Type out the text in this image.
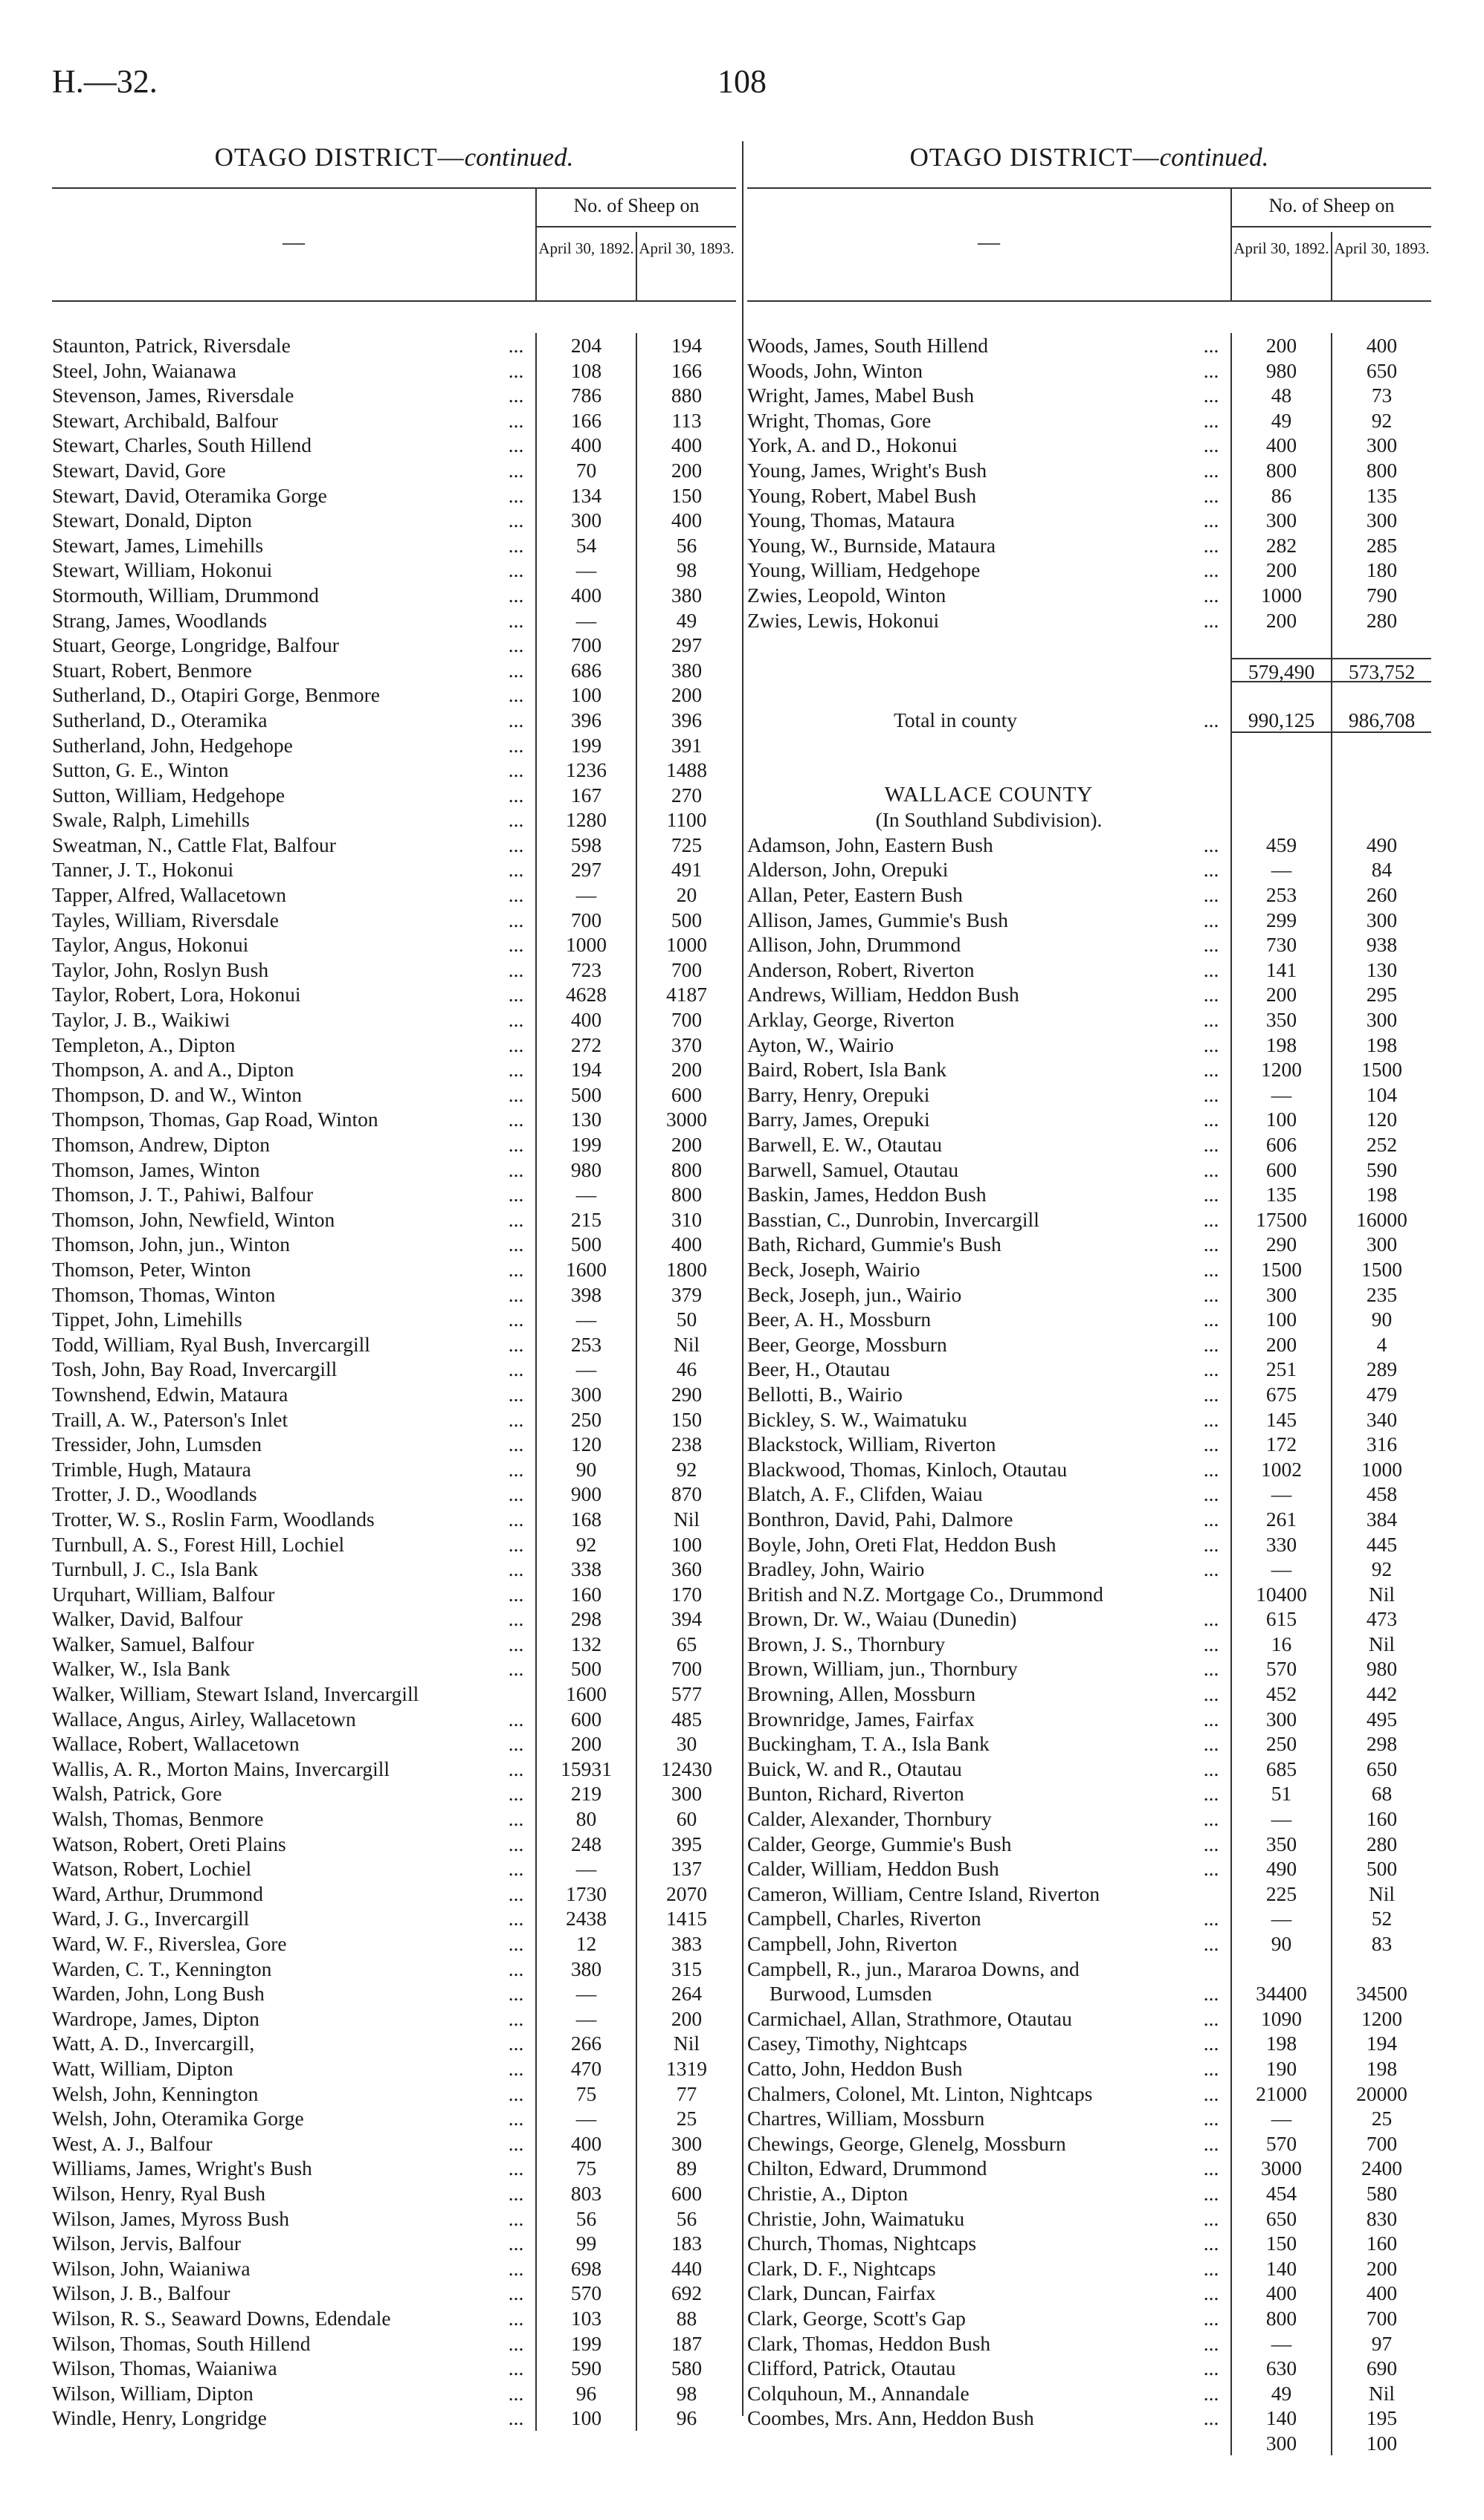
H.—32.	108
OTAGO DISTRICT—continued.
—
No. of Sheep on
April 30, 1892. April 30, 1893.
Staunton, Patrick, Riversdale	...	204	194
Steel, John, Waianawa	...	108	166
Stevenson, James, Riversdale	...	786	880
Stewart, Archibald, Balfour	...	166	113
Stewart, Charles, South Hillend	...	400	400
Stewart, David, Gore	...	70	200
Stewart, David, Oteramika Gorge	...	134	150
Stewart, Donald, Dipton	...	300	400
Stewart, James, Limehills	...	54	56
Stewart, William, Hokonui	...	—	98
Stormouth, William, Drummond	...	400	380
Strang, James, Woodlands	...	—	49
Stuart, George, Longridge, Balfour	...	700	297
Stuart, Robert, Benmore	...	686	380
Sutherland, D., Otapiri Gorge, Benmore	...	100	200
Sutherland, D., Oteramika	...	396	396
Sutherland, John, Hedgehope	...	199	391
Sutton, G. E., Winton	...	1236	1488
Sutton, William, Hedgehope	...	167	270
Swale, Ralph, Limehills	...	1280	1100
Sweatman, N., Cattle Flat, Balfour	...	598	725
Tanner, J. T., Hokonui	...	297	491
Tapper, Alfred, Wallacetown	...	—	20
Tayles, William, Riversdale	...	700	500
Taylor, Angus, Hokonui	...	1000	1000
Taylor, John, Roslyn Bush	...	723	700
Taylor, Robert, Lora, Hokonui	...	4628	4187
Taylor, J. B., Waikiwi	...	400	700
Templeton, A., Dipton	...	272	370
Thompson, A. and A., Dipton	...	194	200
Thompson, D. and W., Winton	...	500	600
Thompson, Thomas, Gap Road, Winton	...	130	3000
Thomson, Andrew, Dipton	...	199	200
Thomson, James, Winton	...	980	800
Thomson, J. T., Pahiwi, Balfour	...	—	800
Thomson, John, Newfield, Winton	...	215	310
Thomson, John, jun., Winton	...	500	400
Thomson, Peter, Winton	...	1600	1800
Thomson, Thomas, Winton	...	398	379
Tippet, John, Limehills	...	—	50
Todd, William, Ryal Bush, Invercargill	...	253	Nil
Tosh, John, Bay Road, Invercargill	...	—	46
Townshend, Edwin, Mataura	...	300	290
Traill, A. W., Paterson's Inlet	...	250	150
Tressider, John, Lumsden	...	120	238
Trimble, Hugh, Mataura	...	90	92
Trotter, J. D., Woodlands	...	900	870
Trotter, W. S., Roslin Farm, Woodlands	...	168	Nil
Turnbull, A. S., Forest Hill, Lochiel	...	92	100
Turnbull, J. C., Isla Bank	...	338	360
Urquhart, William, Balfour	...	160	170
Walker, David, Balfour	...	298	394
Walker, Samuel, Balfour	...	132	65
Walker, W., Isla Bank	...	500	700
Walker, William, Stewart Island, Invercargill	1600	577
Wallace, Angus, Airley, Wallacetown	...	600	485
Wallace, Robert, Wallacetown	...	200	30
Wallis, A. R., Morton Mains, Invercargill	...	15931	12430
Walsh, Patrick, Gore	...	219	300
Walsh, Thomas, Benmore	...	80	60
Watson, Robert, Oreti Plains	...	248	395
Watson, Robert, Lochiel	...	—	137
Ward, Arthur, Drummond	...	1730	2070
Ward, J. G., Invercargill	...	2438	1415
Ward, W. F., Riverslea, Gore	...	12	383
Warden, C. T., Kennington	...	380	315
Warden, John, Long Bush	...	—	264
Wardrope, James, Dipton	...	—	200
Watt, A. D., Invercargill,	...	266	Nil
Watt, William, Dipton	...	470	1319
Welsh, John, Kennington	...	75	77
Welsh, John, Oteramika Gorge	...	—	25
West, A. J., Balfour	...	400	300
Williams, James, Wright's Bush	...	75	89
Wilson, Henry, Ryal Bush	...	803	600
Wilson, James, Myross Bush	...	56	56
Wilson, Jervis, Balfour	...	99	183
Wilson, John, Waianiwa	...	698	440
Wilson, J. B., Balfour	...	570	692
Wilson, R. S., Seaward Downs, Edendale	...	103	88
Wilson, Thomas, South Hillend	...	199	187
Wilson, Thomas, Waianiwa	...	590	580
Wilson, William, Dipton	...	96	98
Windle, Henry, Longridge	...	100	96
OTAGO DISTRICT—continued.
—
No. of Sheep on
April 30, 1892. April 30, 1893.
Woods, James, South Hillend	...	200	400
Woods, John, Winton	...	980	650
Wright, James, Mabel Bush	...	48	73
Wright, Thomas, Gore	...	49	92
York, A. and D., Hokonui	...	400	300
Young, James, Wright's Bush	...	800	800
Young, Robert, Mabel Bush	...	86	135
Young, Thomas, Mataura	...	300	300
Young, W., Burnside, Mataura	...	282	285
Young, William, Hedgehope	...	200	180
Zwies, Leopold, Winton	...	1000	790
Zwies, Lewis, Hokonui	...	200	280
579,490	573,752
Total in county	...	990,125	986,708
WALLACE COUNTY
(In Southland Subdivision).
Adamson, John, Eastern Bush	...	459	490
Alderson, John, Orepuki	...	—	84
Allan, Peter, Eastern Bush	...	253	260
Allison, James, Gummie's Bush	...	299	300
Allison, John, Drummond	...	730	938
Anderson, Robert, Riverton	...	141	130
Andrews, William, Heddon Bush	...	200	295
Arklay, George, Riverton	...	350	300
Ayton, W., Wairio	...	198	198
Baird, Robert, Isla Bank	...	1200	1500
Barry, Henry, Orepuki	...	—	104
Barry, James, Orepuki	...	100	120
Barwell, E. W., Otautau	...	606	252
Barwell, Samuel, Otautau	...	600	590
Baskin, James, Heddon Bush	...	135	198
Basstian, C., Dunrobin, Invercargill	...	17500	16000
Bath, Richard, Gummie's Bush	...	290	300
Beck, Joseph, Wairio	...	1500	1500
Beck, Joseph, jun., Wairio	...	300	235
Beer, A. H., Mossburn	...	100	90
Beer, George, Mossburn	...	200	4
Beer, H., Otautau	...	251	289
Bellotti, B., Wairio	...	675	479
Bickley, S. W., Waimatuku	...	145	340
Blackstock, William, Riverton	...	172	316
Blackwood, Thomas, Kinloch, Otautau	...	1002	1000
Blatch, A. F., Clifden, Waiau	...	—	458
Bonthron, David, Pahi, Dalmore	...	261	384
Boyle, John, Oreti Flat, Heddon Bush	...	330	445
Bradley, John, Wairio	...	—	92
British and N.Z. Mortgage Co., Drummond	10400	Nil
Brown, Dr. W., Waiau (Dunedin)	...	615	473
Brown, J. S., Thornbury	...	16	Nil
Brown, William, jun., Thornbury	...	570	980
Browning, Allen, Mossburn	...	452	442
Brownridge, James, Fairfax	...	300	495
Buckingham, T. A., Isla Bank	...	250	298
Buick, W. and R., Otautau	...	685	650
Bunton, Richard, Riverton	...	51	68
Calder, Alexander, Thornbury	...	—	160
Calder, George, Gummie's Bush	...	350	280
Calder, William, Heddon Bush	...	490	500
Cameron, William, Centre Island, Riverton	225	Nil
Campbell, Charles, Riverton	...	—	52
Campbell, John, Riverton	...	90	83
Campbell, R., jun., Mararoa Downs, and
Burwood, Lumsden	...	34400	34500
Carmichael, Allan, Strathmore, Otautau	...	1090	1200
Casey, Timothy, Nightcaps	...	198	194
Catto, John, Heddon Bush	...	190	198
Chalmers, Colonel, Mt. Linton, Nightcaps	...	21000	20000
Chartres, William, Mossburn	...	—	25
Chewings, George, Glenelg, Mossburn	...	570	700
Chilton, Edward, Drummond	...	3000	2400
Christie, A., Dipton	...	454	580
Christie, John, Waimatuku	...	650	830
Church, Thomas, Nightcaps	...	150	160
Clark, D. F., Nightcaps	...	140	200
Clark, Duncan, Fairfax	...	400	400
Clark, George, Scott's Gap	...	800	700
Clark, Thomas, Heddon Bush	...	—	97
Clifford, Patrick, Otautau	...	630	690
Colquhoun, M., Annandale	...	49	Nil
Coombes, Mrs. Ann, Heddon Bush	...	140	195
300	100
